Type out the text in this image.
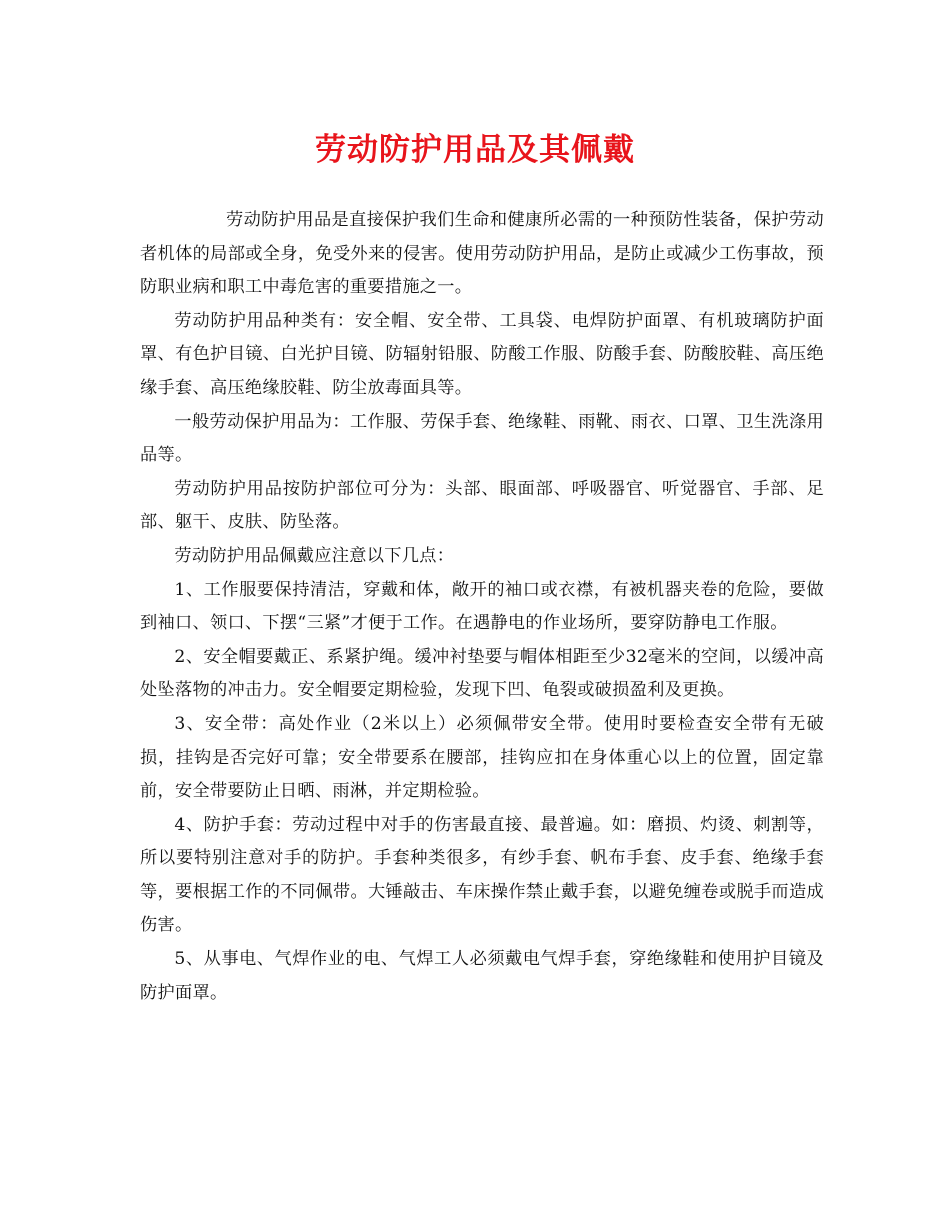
劳动防护用品及其佩戴

劳动防护用品是直接保护我们生命和健康所必需的一种预防性装备，保护劳动者机体的局部或全身，免受外来的侵害。使用劳动防护用品，是防止或减少工伤事故，预防职业病和职工中毒危害的重要措施之一。

劳动防护用品种类有：安全帽、安全带、工具袋、电焊防护面罩、有机玻璃防护面罩、有色护目镜、白光护目镜、防辐射铅服、防酸工作服、防酸手套、防酸胶鞋、高压绝缘手套、高压绝缘胶鞋、防尘放毒面具等。

一般劳动保护用品为：工作服、劳保手套、绝缘鞋、雨靴、雨衣、口罩、卫生洗涤用品等。

劳动防护用品按防护部位可分为：头部、眼面部、呼吸器官、听觉器官、手部、足部、躯干、皮肤、防坠落。

劳动防护用品佩戴应注意以下几点：

1、工作服要保持清洁，穿戴和体，敞开的袖口或衣襟，有被机器夹卷的危险，要做到袖口、领口、下摆“三紧”才便于工作。在遇静电的作业场所，要穿防静电工作服。

2、安全帽要戴正、系紧护绳。缓冲衬垫要与帽体相距至少32毫米的空间，以缓冲高处坠落物的冲击力。安全帽要定期检验，发现下凹、龟裂或破损盈利及更换。

3、安全带：高处作业（2米以上）必须佩带安全带。使用时要检查安全带有无破损，挂钩是否完好可靠；安全带要系在腰部，挂钩应扣在身体重心以上的位置，固定靠前，安全带要防止日晒、雨淋，并定期检验。

4、防护手套：劳动过程中对手的伤害最直接、最普遍。如：磨损、灼烫、刺割等，所以要特别注意对手的防护。手套种类很多，有纱手套、帆布手套、皮手套、绝缘手套等，要根据工作的不同佩带。大锤敲击、车床操作禁止戴手套，以避免缠卷或脱手而造成伤害。

5、从事电、气焊作业的电、气焊工人必须戴电气焊手套，穿绝缘鞋和使用护目镜及防护面罩。
